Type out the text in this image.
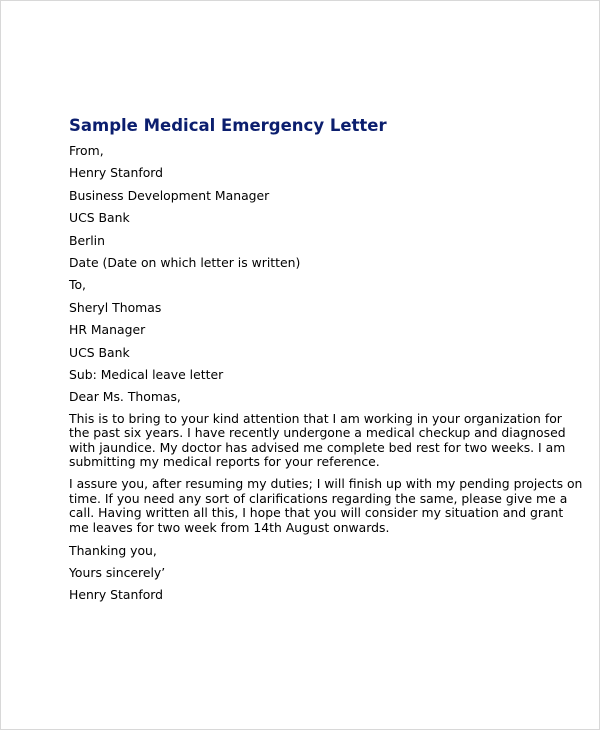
Sample Medical Emergency Letter
From,
Henry Stanford
Business Development Manager
UCS Bank
Berlin
Date (Date on which letter is written)
To,
Sheryl Thomas
HR Manager
UCS Bank
Sub: Medical leave letter
Dear Ms. Thomas,
This is to bring to your kind attention that I am working in your organization for
the past six years. I have recently undergone a medical checkup and diagnosed
with jaundice. My doctor has advised me complete bed rest for two weeks. I am
submitting my medical reports for your reference.
I assure you, after resuming my duties; I will finish up with my pending projects on
time. If you need any sort of clarifications regarding the same, please give me a
call. Having written all this, I hope that you will consider my situation and grant
me leaves for two week from 14th August onwards.
Thanking you,
Yours sincerely’
Henry Stanford
